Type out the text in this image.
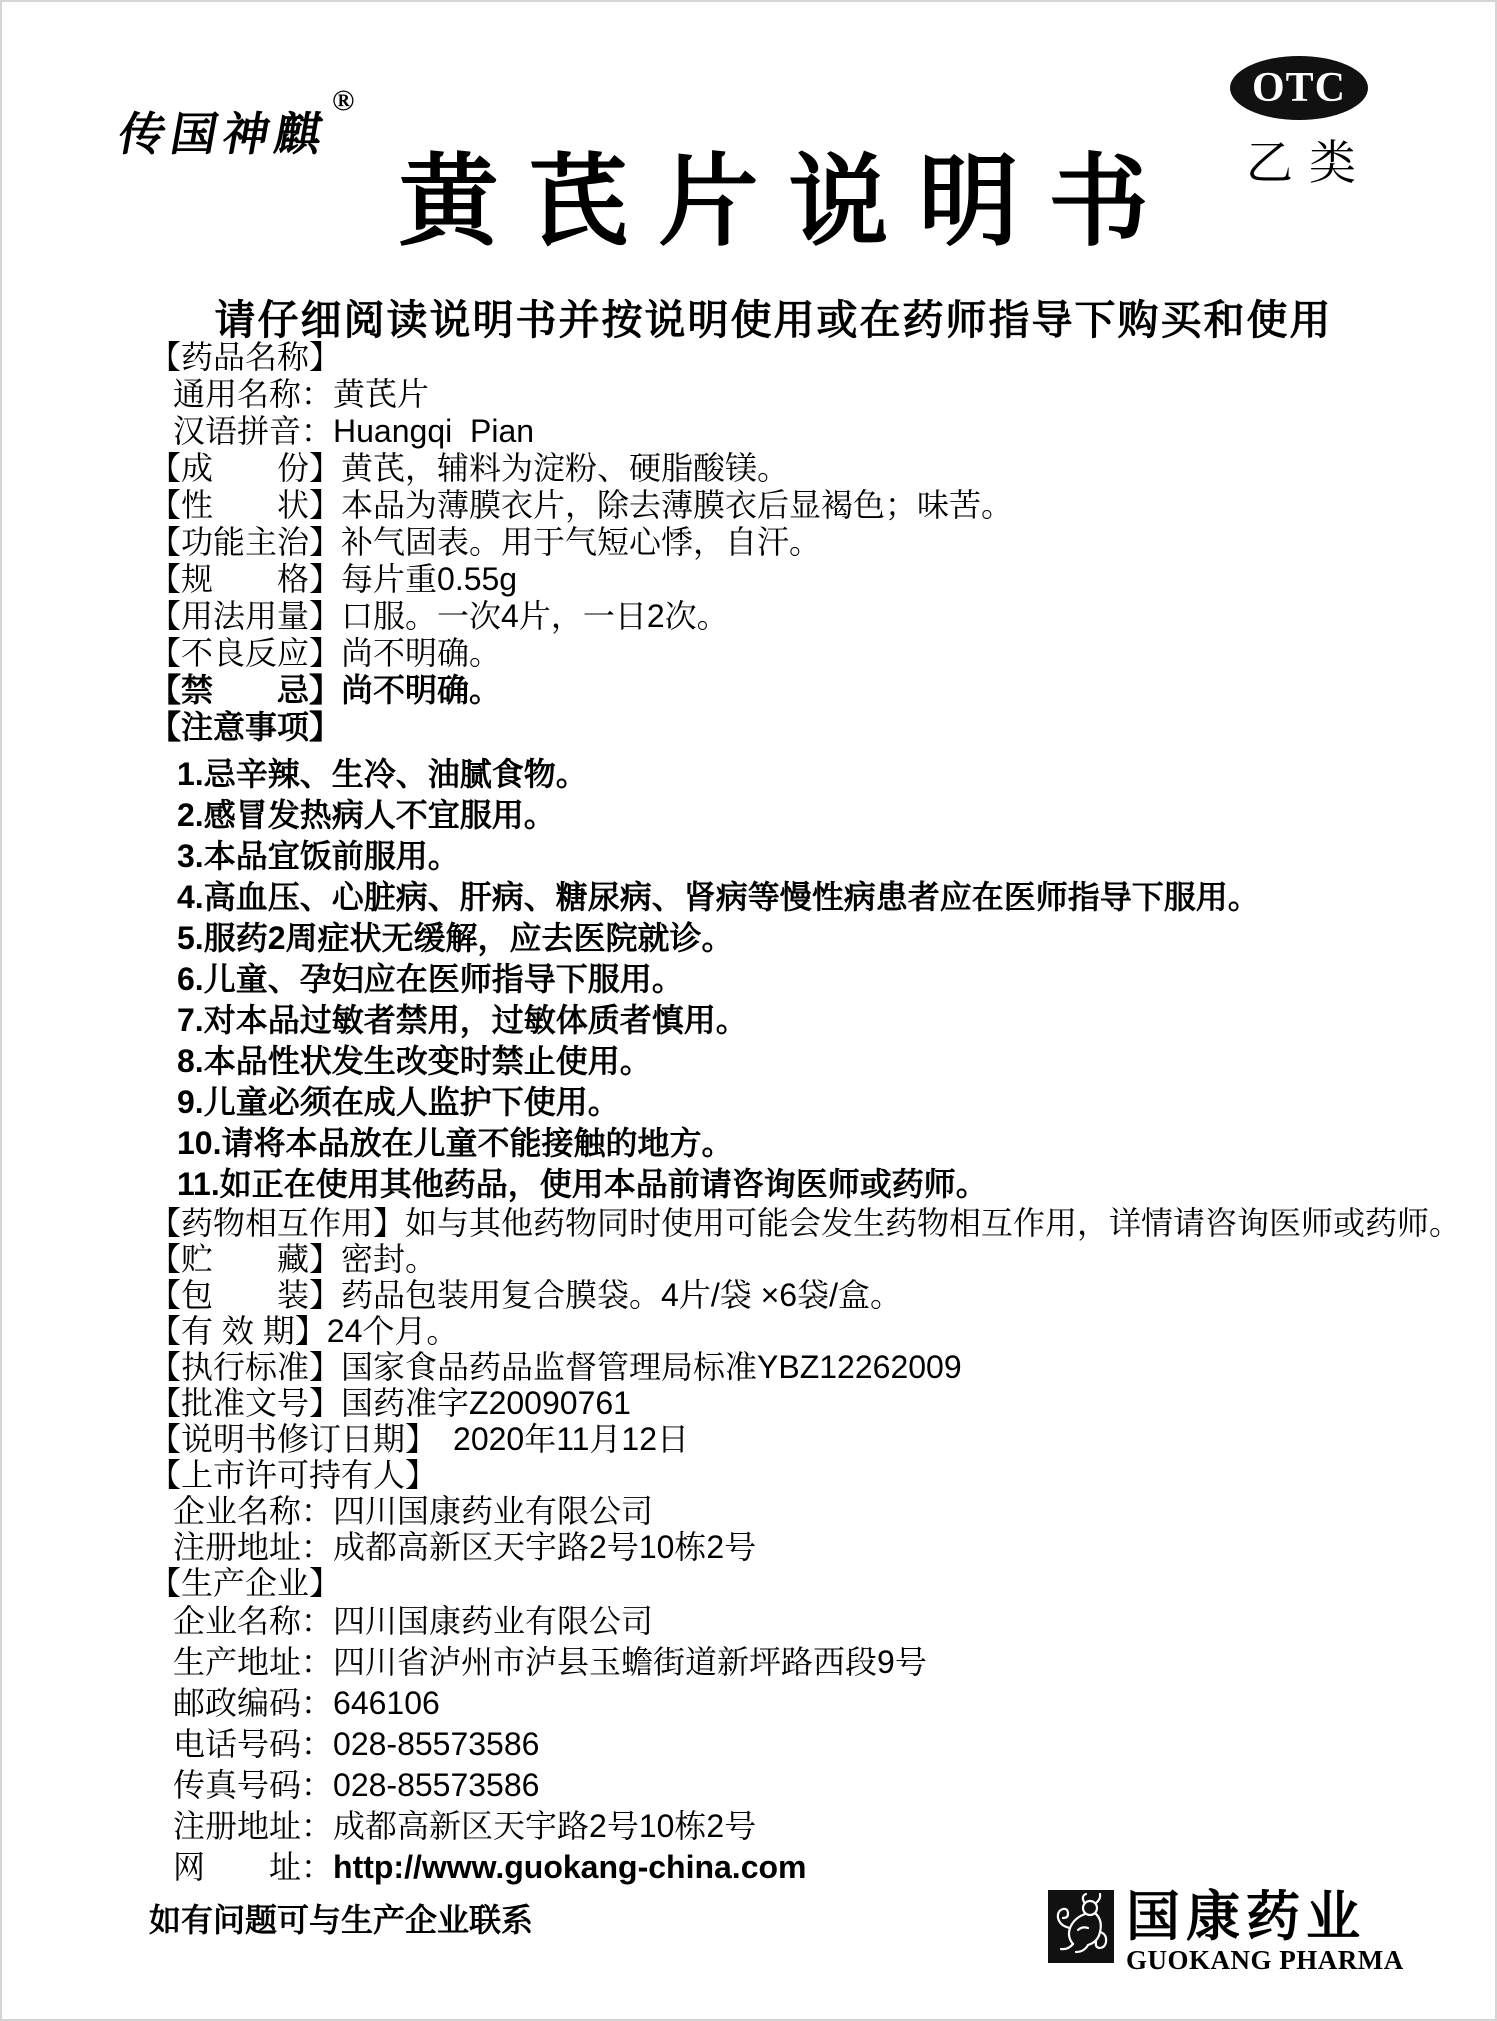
传国神麒®	OTC
乙类
黄芪片说明书
请仔细阅读说明书并按说明使用或在药师指导下购买和使用
【药品名称】
通用名称：黄芪片
汉语拼音：Huangqi  Pian
【成　　份】黄芪，辅料为淀粉、硬脂酸镁。
【性　　状】本品为薄膜衣片，除去薄膜衣后显褐色；味苦。
【功能主治】补气固表。用于气短心悸，自汗。
【规　　格】每片重0.55g
【用法用量】口服。一次4片，一日2次。
【不良反应】尚不明确。
【禁　　忌】尚不明确。
【注意事项】
1.忌辛辣、生冷、油腻食物。
2.感冒发热病人不宜服用。
3.本品宜饭前服用。
4.高血压、心脏病、肝病、糖尿病、肾病等慢性病患者应在医师指导下服用。
5.服药2周症状无缓解，应去医院就诊。
6.儿童、孕妇应在医师指导下服用。
7.对本品过敏者禁用，过敏体质者慎用。
8.本品性状发生改变时禁止使用。
9.儿童必须在成人监护下使用。
10.请将本品放在儿童不能接触的地方。
11.如正在使用其他药品，使用本品前请咨询医师或药师。
【药物相互作用】如与其他药物同时使用可能会发生药物相互作用，详情请咨询医师或药师。
【贮　　藏】密封。
【包　　装】药品包装用复合膜袋。4片/袋 ×6袋/盒。
【有 效 期】24个月。
【执行标准】国家食品药品监督管理局标准YBZ12262009
【批准文号】国药准字Z20090761
【说明书修订日期】　2020年11月12日
【上市许可持有人】
企业名称：四川国康药业有限公司
注册地址：成都高新区天宇路2号10栋2号
【生产企业】
企业名称：四川国康药业有限公司
生产地址：四川省泸州市泸县玉蟾街道新坪路西段9号
邮政编码：646106
电话号码：028-85573586
传真号码：028-85573586
注册地址：成都高新区天宇路2号10栋2号
网　　址：http://www.guokang-china.com
如有问题可与生产企业联系	国康药业
GUOKANG PHARMA
